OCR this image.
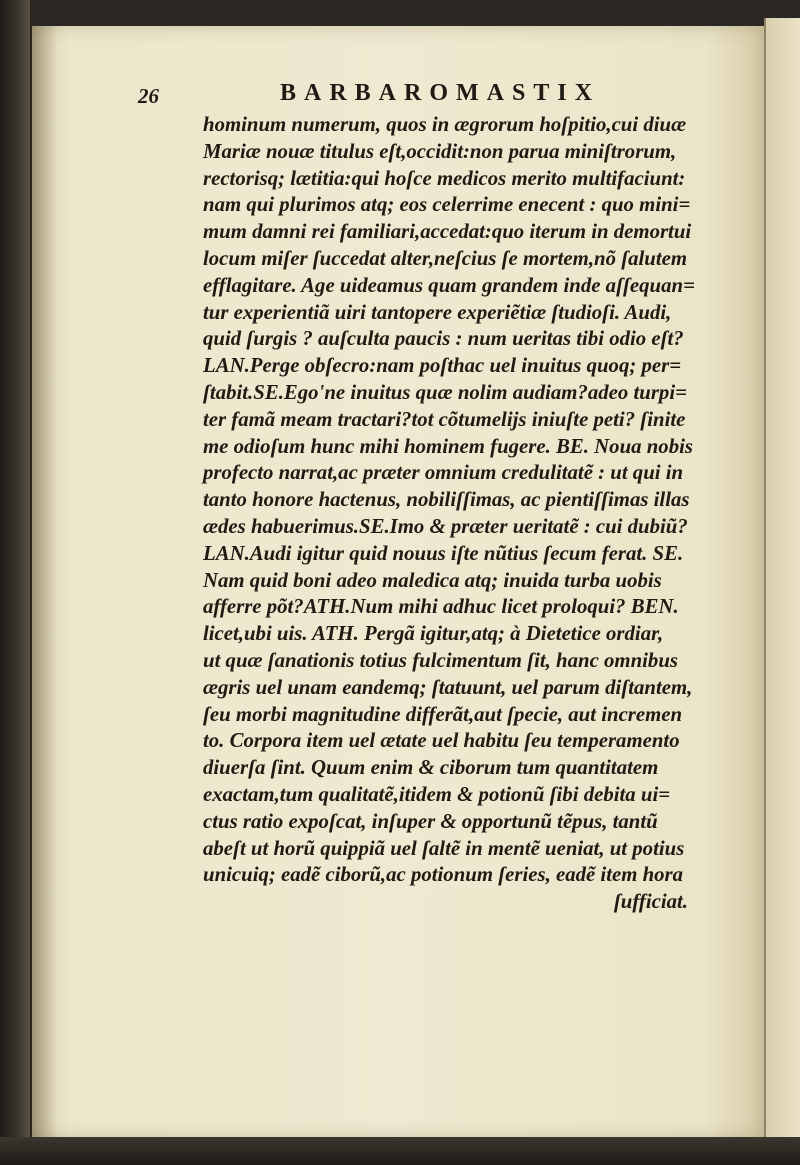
26	BARBAROMASTIX
hominum numerum, quos in ægrorum hoſpitio,cui diuæ
Mariæ nouæ titulus eſt,occidit:non parua miniſtrorum,
rectorisq; lætitia:qui hoſce medicos merito multifaciunt:
nam qui plurimos atq; eos celerrime enecent : quo mini=
mum damni rei familiari,accedat:quo iterum in demortui
locum miſer ſuccedat alter,neſcius ſe mortem,nõ ſalutem
efflagitare. Age uideamus quam grandem inde aſſequan=
tur experientiã uiri tantopere experiẽtiæ ſtudioſi. Audi,
quid ſurgis ? auſculta paucis : num ueritas tibi odio eſt?
LAN.Perge obſecro:nam poſthac uel inuitus quoq; per=
ſtabit.SE.Ego'ne inuitus quæ nolim audiam?adeo turpi=
ter famã meam tractari?tot cõtumelijs iniuſte peti? ſinite
me odioſum hunc mihi hominem fugere. BE. Noua nobis
profecto narrat,ac præter omnium credulitatẽ : ut qui in
tanto honore hactenus, nobiliſſimas, ac pientiſſimas illas
ædes habuerimus.SE.Imo & præter ueritatẽ : cui dubiũ?
LAN.Audi igitur quid nouus iſte nũtius ſecum ferat. SE.
Nam quid boni adeo maledica atq; inuida turba uobis
afferre põt?ATH.Num mihi adhuc licet proloqui? BEN.
licet,ubi uis. ATH. Pergã igitur,atq; à Dietetice ordiar,
ut quæ ſanationis totius fulcimentum ſit, hanc omnibus
ægris uel unam eandemq; ſtatuunt, uel parum diſtantem,
ſeu morbi magnitudine differãt,aut ſpecie, aut incremen
to. Corpora item uel ætate uel habitu ſeu temperamento
diuerſa ſint. Quum enim & ciborum tum quantitatem
exactam,tum qualitatẽ,itidem & potionũ ſibi debita ui=
ctus ratio expoſcat, inſuper & opportunũ tẽpus, tantũ
abeſt ut horũ quippiã uel ſaltẽ in mentẽ ueniat, ut potius
unicuiq; eadẽ ciborũ,ac potionum ſeries, eadẽ item hora
ſufficiat.
